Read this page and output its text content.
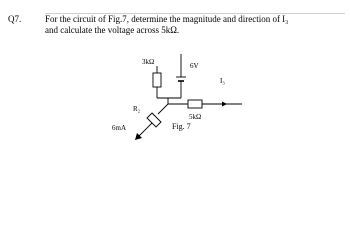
Q7.	For the circuit of Fig.7, determine the magnitude and direction of I₃
and calculate the voltage across 5kΩ.
3kΩ	6V
I₃
5kΩ
R₂
6mA	Fig. 7
